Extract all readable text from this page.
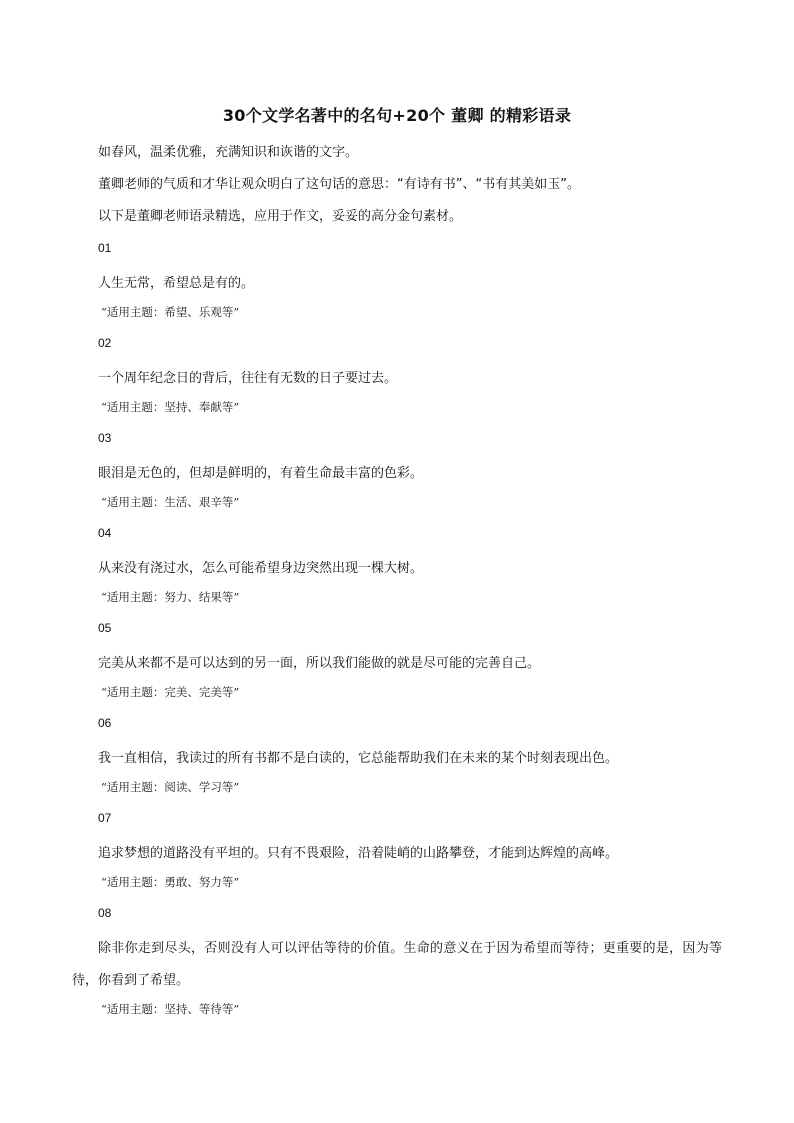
30个文学名著中的名句+20个 董卿 的精彩语录
如春风，温柔优雅，充满知识和诙谐的文字。
董卿老师的气质和才华让观众明白了这句话的意思：“有诗有书”、“书有其美如玉”。
以下是董卿老师语录精选，应用于作文，妥妥的高分金句素材。
01
人生无常，希望总是有的。
“适用主题：希望、乐观等”
02
一个周年纪念日的背后，往往有无数的日子要过去。
“适用主题：坚持、奉献等”
03
眼泪是无色的，但却是鲜明的，有着生命最丰富的色彩。
“适用主题：生活、艰辛等”
04
从来没有浇过水，怎么可能希望身边突然出现一棵大树。
“适用主题：努力、结果等”
05
完美从来都不是可以达到的另一面，所以我们能做的就是尽可能的完善自己。
“适用主题：完美、完美等”
06
我一直相信，我读过的所有书都不是白读的，它总能帮助我们在未来的某个时刻表现出色。
“适用主题：阅读、学习等”
07
追求梦想的道路没有平坦的。只有不畏艰险，沿着陡峭的山路攀登，才能到达辉煌的高峰。
“适用主题：勇敢、努力等”
08
除非你走到尽头，否则没有人可以评估等待的价值。生命的意义在于因为希望而等待；更重要的是，因为等待，你看到了希望。
“适用主题：坚持、等待等”
